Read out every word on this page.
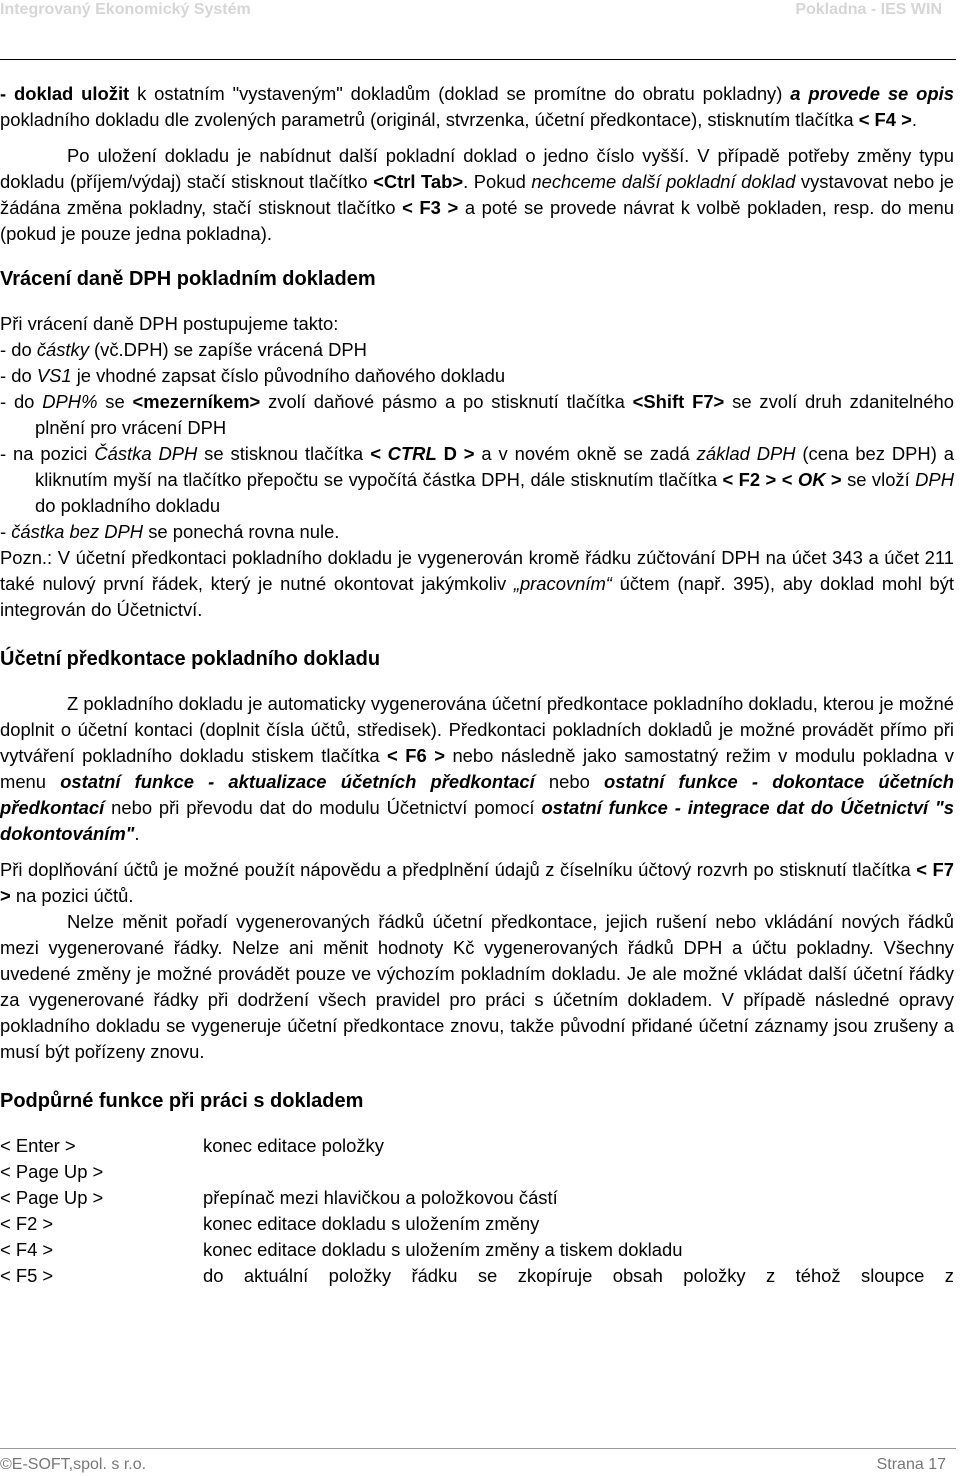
Integrovaný Ekonomický Systém	Pokladna - IES WIN

- doklad uložit k ostatním "vystaveným" dokladům (doklad se promítne do obratu pokladny) a provede se opis pokladního dokladu dle zvolených parametrů (originál, stvrzenka, účetní předkontace), stisknutím tlačítka < F4 >.

Po uložení dokladu je nabídnut další pokladní doklad o jedno číslo vyšší. V případě potřeby změny typu dokladu (příjem/výdaj) stačí stisknout tlačítko <Ctrl Tab>. Pokud nechceme další pokladní doklad vystavovat nebo je žádána změna pokladny, stačí stisknout tlačítko < F3 > a poté se provede návrat k volbě pokladen, resp. do menu (pokud je pouze jedna pokladna).

Vrácení daně DPH pokladním dokladem

Při vrácení daně DPH postupujeme takto:

- do částky (vč.DPH) se zapíše vrácená DPH

- do VS1 je vhodné zapsat číslo původního daňového dokladu

- do DPH% se <mezerníkem> zvolí daňové pásmo a po stisknutí tlačítka <Shift F7> se zvolí druh zdanitelného plnění pro vrácení DPH

- na pozici Částka DPH se stisknou tlačítka < CTRL D > a v novém okně se zadá základ DPH (cena bez DPH) a kliknutím myší na tlačítko přepočtu se vypočítá částka DPH, dále stisknutím tlačítka < F2 > < OK > se vloží DPH do pokladního dokladu

- částka bez DPH se ponechá rovna nule.

Pozn.: V účetní předkontaci pokladního dokladu je vygenerován kromě řádku zúčtování DPH na účet 343 a účet 211 také nulový první řádek, který je nutné okontovat jakýmkoliv „pracovním“ účtem (např. 395), aby doklad mohl být integrován do Účetnictví.

Účetní předkontace pokladního dokladu

Z pokladního dokladu je automaticky vygenerována účetní předkontace pokladního dokladu, kterou je možné doplnit o účetní kontaci (doplnit čísla účtů, středisek). Předkontaci pokladních dokladů je možné provádět přímo při vytváření pokladního dokladu stiskem tlačítka < F6 > nebo následně jako samostatný režim v modulu pokladna v menu ostatní funkce - aktualizace účetních předkontací nebo ostatní funkce - dokontace účetních předkontací nebo při převodu dat do modulu Účetnictví pomocí ostatní funkce - integrace dat do Účetnictví "s dokontováním".

Při doplňování účtů je možné použít nápovědu a předplnění údajů z číselníku účtový rozvrh po stisknutí tlačítka < F7 > na pozici účtů.

Nelze měnit pořadí vygenerovaných řádků účetní předkontace, jejich rušení nebo vkládání nových řádků mezi vygenerované řádky. Nelze ani měnit hodnoty Kč vygenerovaných řádků DPH a účtu pokladny. Všechny uvedené změny je možné provádět pouze ve výchozím pokladním dokladu. Je ale možné vkládat další účetní řádky za vygenerované řádky při dodržení všech pravidel pro práci s účetním dokladem. V případě následné opravy pokladního dokladu se vygeneruje účetní předkontace znovu, takže původní přidané účetní záznamy jsou zrušeny a musí být pořízeny znovu.

Podpůrné funkce při práci s dokladem

< Enter >	konec editace položky
< Page Up >
< Page Up >	přepínač mezi hlavičkou a položkovou částí
< F2 >	konec editace dokladu s uložením změny
< F4 >	konec editace dokladu s uložením změny a tiskem dokladu
< F5 >	do aktuální položky řádku se zkopíruje obsah položky z téhož sloupce z
©E-SOFT,spol. s r.o.	Strana 17
